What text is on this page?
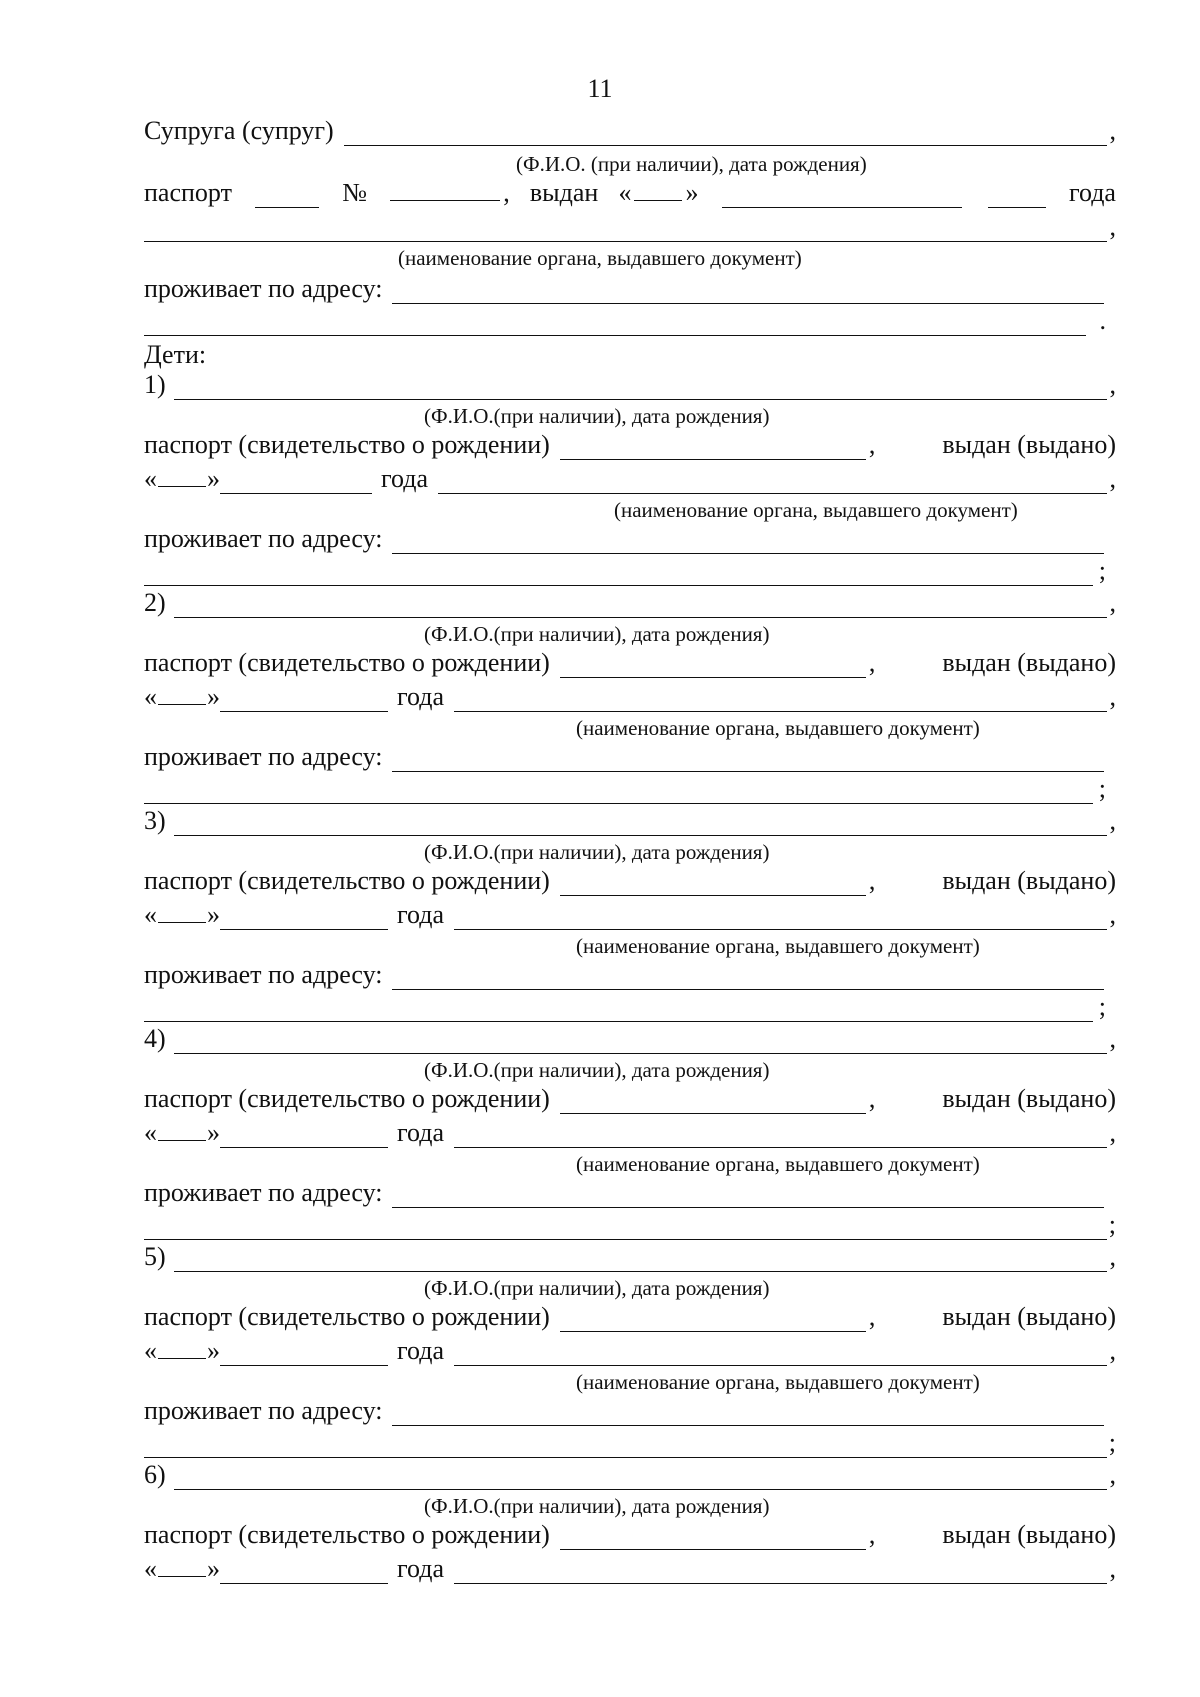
11
Супруга (супруг)	,
(Ф.И.О. (при наличии), дата рождения)
паспорт	№	, выдан « »	года
,
(наименование органа, выдавшего документ)
проживает по адресу:
.
Дети:
1)	,
(Ф.И.О.(при наличии), дата рождения)
паспорт (свидетельство о рождении)	,	выдан (выдано)
« »	года	,
(наименование органа, выдавшего документ)
проживает по адресу:
;
2)	,
(Ф.И.О.(при наличии), дата рождения)
паспорт (свидетельство о рождении)	,	выдан (выдано)
« »	года	,
(наименование органа, выдавшего документ)
проживает по адресу:
;
3)	,
(Ф.И.О.(при наличии), дата рождения)
паспорт (свидетельство о рождении)	,	выдан (выдано)
« »	года	,
(наименование органа, выдавшего документ)
проживает по адресу:
;
4)	,
(Ф.И.О.(при наличии), дата рождения)
паспорт (свидетельство о рождении)	,	выдан (выдано)
« »	года	,
(наименование органа, выдавшего документ)
проживает по адресу:
;
5)	,
(Ф.И.О.(при наличии), дата рождения)
паспорт (свидетельство о рождении)	,	выдан (выдано)
« »	года	,
(наименование органа, выдавшего документ)
проживает по адресу:
;
6)	,
(Ф.И.О.(при наличии), дата рождения)
паспорт (свидетельство о рождении)	,	выдан (выдано)
« »	года	,
